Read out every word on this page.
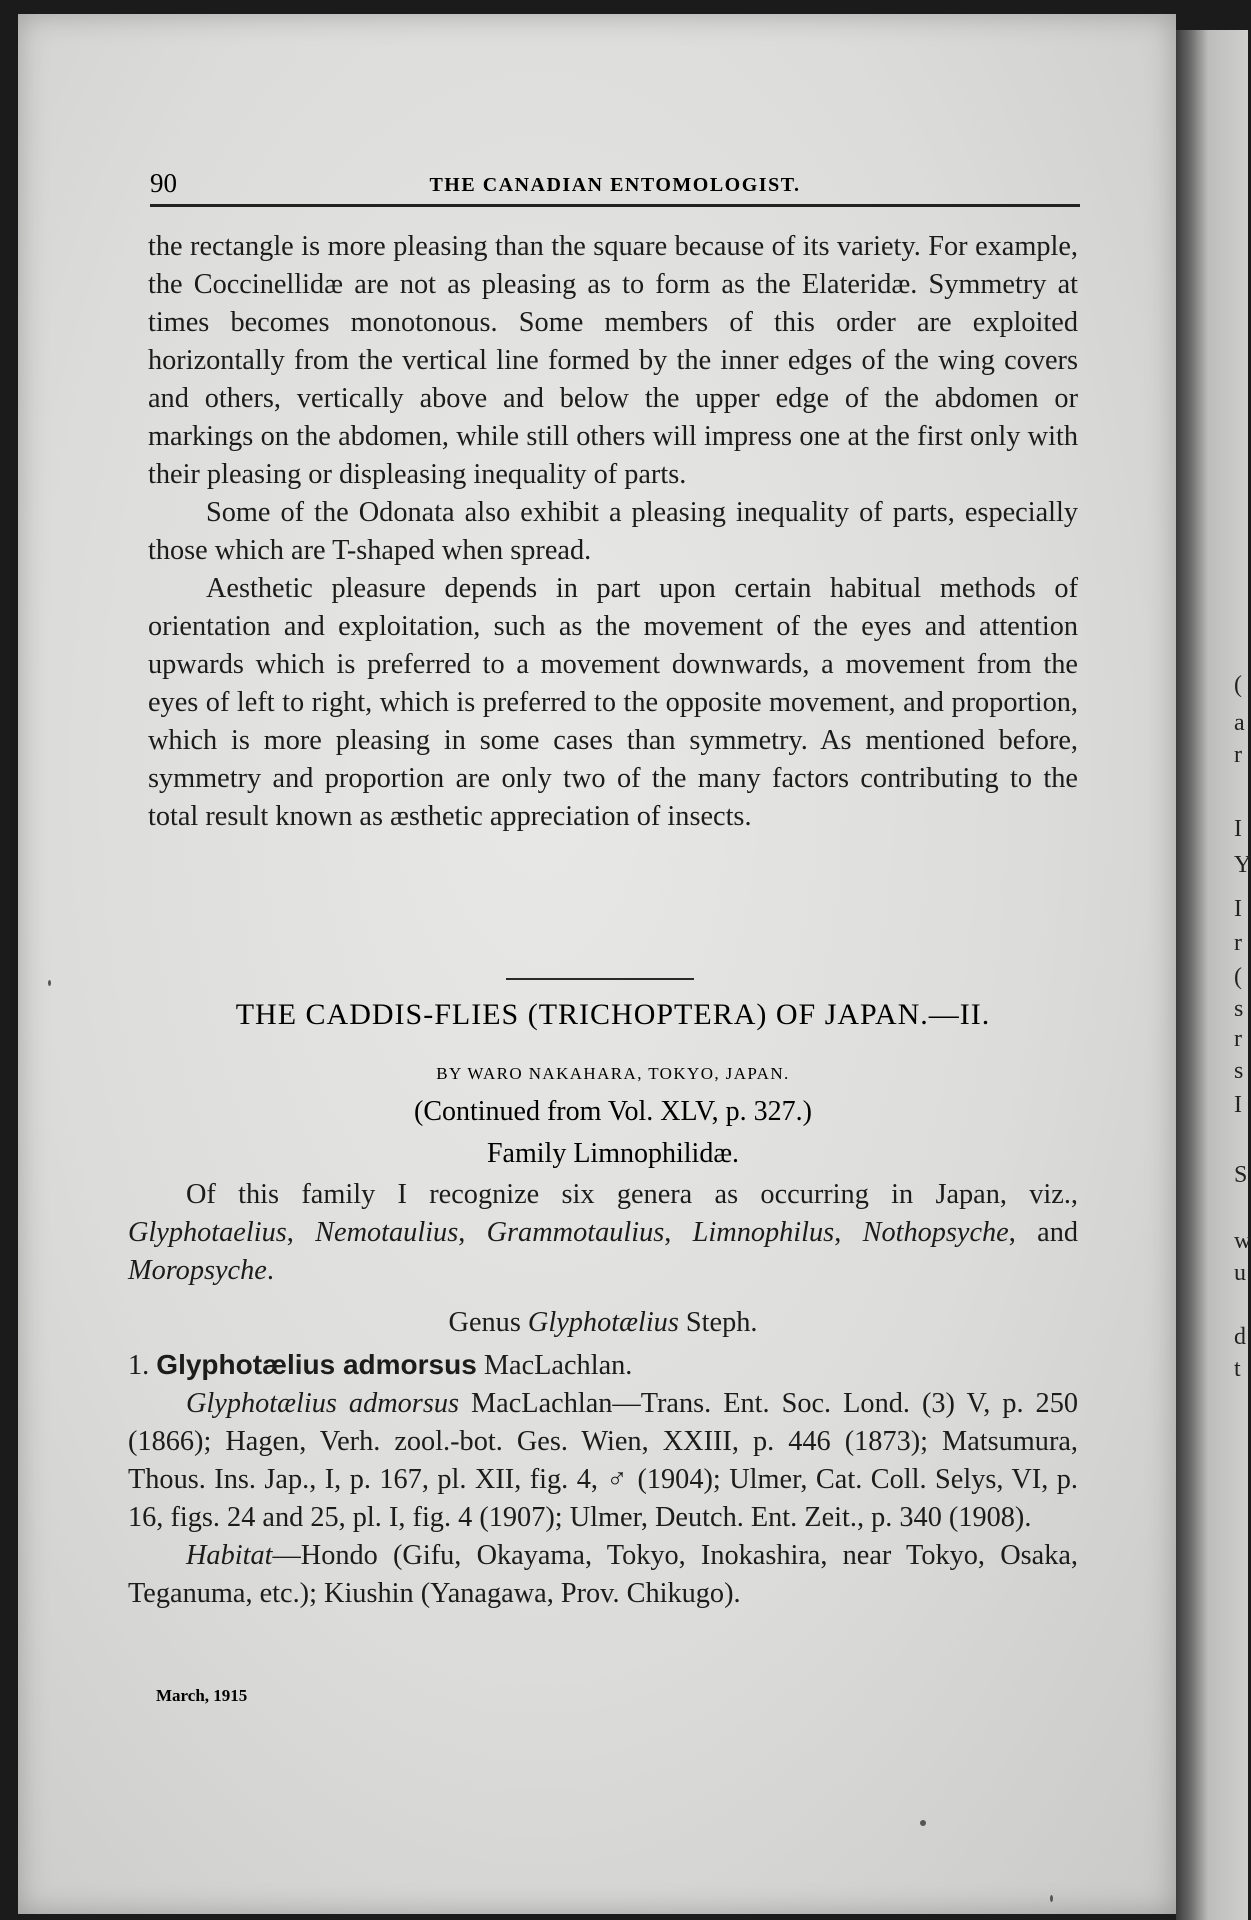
(
a
r
I
Y
I
r
(
s
r
s
I
S
w
u
d
t
90	THE CANADIAN ENTOMOLOGIST.

the rectangle is more pleasing than the square because of its variety. For example, the Coccinellidæ are not as pleasing as to form as the Elateridæ. Symmetry at times becomes monotonous. Some members of this order are exploited horizontally from the vertical line formed by the inner edges of the wing covers and others, vertically above and below the upper edge of the abdomen or markings on the abdomen, while still others will impress one at the first only with their pleasing or displeasing inequality of parts.

Some of the Odonata also exhibit a pleasing inequality of parts, especially those which are T-shaped when spread.

Aesthetic pleasure depends in part upon certain habitual methods of orientation and exploitation, such as the movement of the eyes and attention upwards which is preferred to a movement downwards, a movement from the eyes of left to right, which is preferred to the opposite movement, and proportion, which is more pleasing in some cases than symmetry. As mentioned before, symmetry and proportion are only two of the many factors contributing to the total result known as æsthetic appreciation of insects.

THE CADDIS-FLIES (TRICHOPTERA) OF JAPAN.—II.
BY WARO NAKAHARA, TOKYO, JAPAN.
(Continued from Vol. XLV, p. 327.)
Family Limnophilidæ.

Of this family I recognize six genera as occurring in Japan, viz., Glyphotaelius, Nemotaulius, Grammotaulius, Limnophilus, Nothopsyche, and Moropsyche.

Genus Glyphotælius Steph.

1. Glyphotælius admorsus MacLachlan.

Glyphotælius admorsus MacLachlan—Trans. Ent. Soc. Lond. (3) V, p. 250 (1866); Hagen, Verh. zool.-bot. Ges. Wien, XXIII, p. 446 (1873); Matsumura, Thous. Ins. Jap., I, p. 167, pl. XII, fig. 4, ♂ (1904); Ulmer, Cat. Coll. Selys, VI, p. 16, figs. 24 and 25, pl. I, fig. 4 (1907); Ulmer, Deutch. Ent. Zeit., p. 340 (1908).

Habitat—Hondo (Gifu, Okayama, Tokyo, Inokashira, near Tokyo, Osaka, Teganuma, etc.); Kiushin (Yanagawa, Prov. Chikugo).

March, 1915
